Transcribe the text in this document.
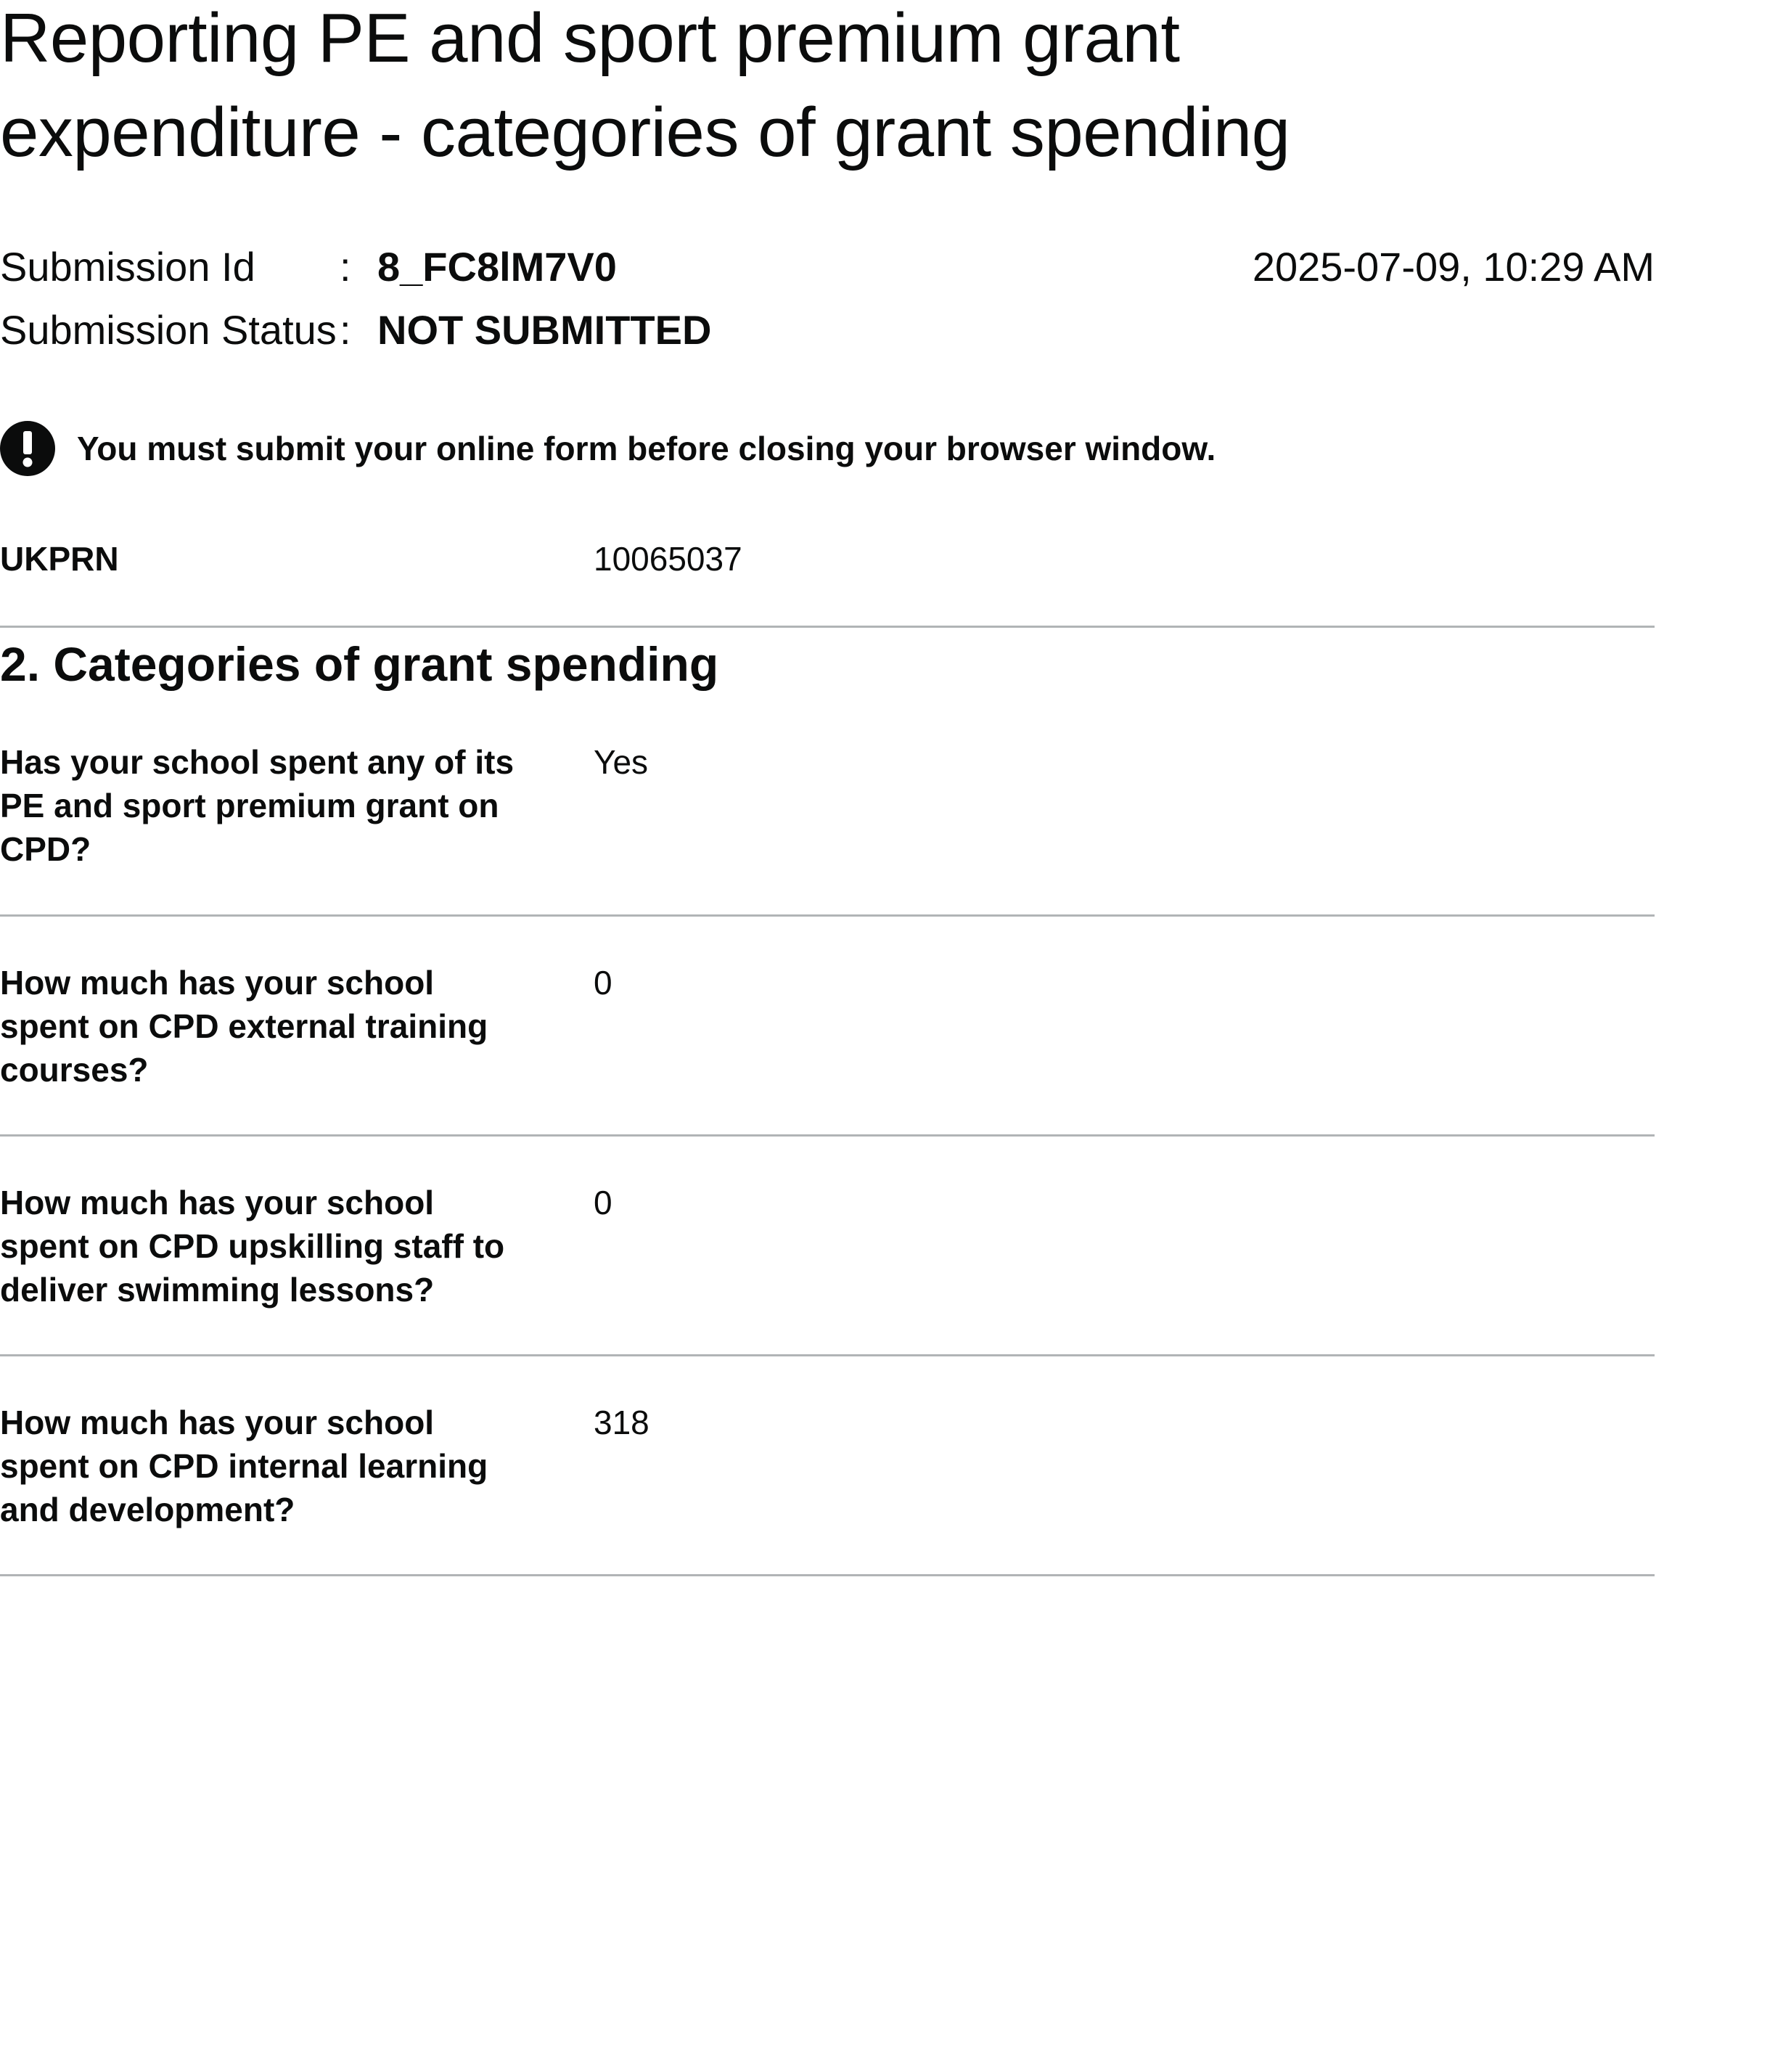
Reporting PE and sport premium grant expenditure - categories of grant spending
Submission Id : 8_FC8lM7V0	2025-07-09, 10:29 AM
Submission Status : NOT SUBMITTED
You must submit your online form before closing your browser window.
UKPRN	10065037
2. Categories of grant spending
Has your school spent any of its PE and sport premium grant on CPD?
Yes
How much has your school spent on CPD external training courses?
0
How much has your school spent on CPD upskilling staff to deliver swimming lessons?
0
How much has your school spent on CPD internal learning and development?
318
